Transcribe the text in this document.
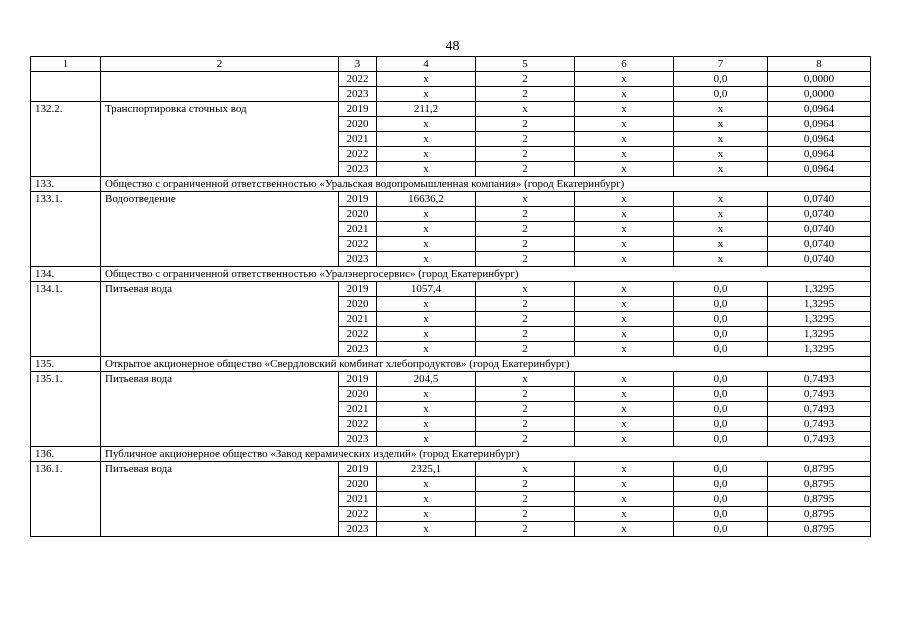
48
1	2	3	4	5	6	7	8
		2022	x	2	x	0,0	0,0000
		2023	x	2	x	0,0	0,0000
132.2.	Транспортировка сточных вод	2019	211,2	x	x	x	0,0964
		2020	x	2	x	x	0,0964
		2021	x	2	x	x	0,0964
		2022	x	2	x	x	0,0964
		2023	x	2	x	x	0,0964
133.	Общество с ограниченной ответственностью «Уральская водопромышленная компания» (город Екатеринбург)						
133.1.	Водоотведение	2019	16636,2	x	x	x	0,0740
		2020	x	2	x	x	0,0740
		2021	x	2	x	x	0,0740
		2022	x	2	x	x	0,0740
		2023	x	2	x	x	0,0740
134.	Общество с ограниченной ответственностью «Уралэнергосервис» (город Екатеринбург)						
134.1.	Питьевая вода	2019	1057,4	x	x	0,0	1,3295
		2020	x	2	x	0,0	1,3295
		2021	x	2	x	0,0	1,3295
		2022	x	2	x	0,0	1,3295
		2023	x	2	x	0,0	1,3295
135.	Открытое акционерное общество «Свердловский комбинат хлебопродуктов» (город Екатеринбург)						
135.1.	Питьевая вода	2019	204,5	x	x	0,0	0,7493
		2020	x	2	x	0,0	0,7493
		2021	x	2	x	0,0	0,7493
		2022	x	2	x	0,0	0,7493
		2023	x	2	x	0,0	0,7493
136.	Публичное акционерное общество «Завод керамических изделий» (город Екатеринбург)						
136.1.	Питьевая вода	2019	2325,1	x	x	0,0	0,8795
		2020	x	2	x	0,0	0,8795
		2021	x	2	x	0,0	0,8795
		2022	x	2	x	0,0	0,8795
		2023	x	2	x	0,0	0,8795
